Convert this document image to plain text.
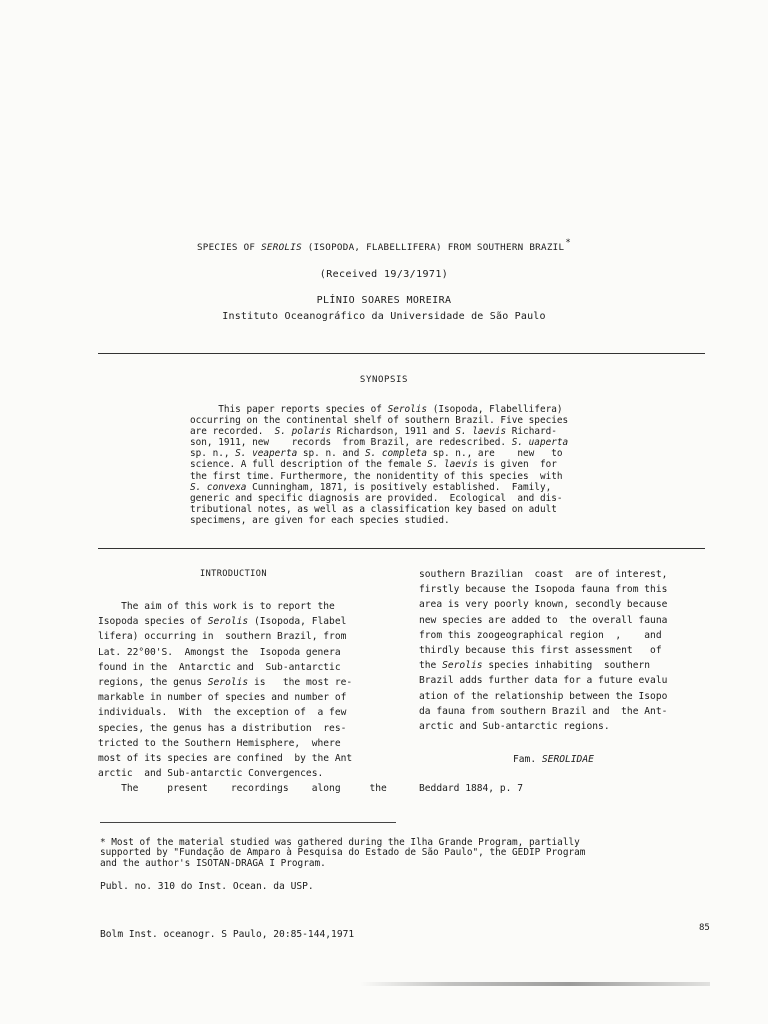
SPECIES OF SEROLIS (ISOPODA, FLABELLIFERA) FROM SOUTHERN BRAZIL*
(Received 19/3/1971)
PLÍNIO SOARES MOREIRA
Instituto Oceanográfico da Universidade de São Paulo
SYNOPSIS
This paper reports species of Serolis (Isopoda, Flabellifera)
occurring on the continental shelf of southern Brazil. Five species
are recorded.  S. polaris Richardson, 1911 and S. laevis Richard-
son, 1911, new    records  from Brazil, are redescribed. S. uaperta
sp. n., S. veaperta sp. n. and S. completa sp. n., are    new   to
science. A full description of the female S. laevis is given  for
the first time. Furthermore, the nonidentity of this species  with
S. convexa Cunningham, 1871, is positively established.  Family,
generic and specific diagnosis are provided.  Ecological  and dis-
tributional notes, as well as a classification key based on adult
specimens, are given for each species studied.
INTRODUCTION
The aim of this work is to report the
Isopoda species of Serolis (Isopoda, Flabel
lifera) occurring in  southern Brazil, from
Lat. 22°00'S.  Amongst the  Isopoda genera
found in the  Antarctic and  Sub-antarctic
regions, the genus Serolis is   the most re-
markable in number of species and number of
individuals.  With  the exception of  a few
species, the genus has a distribution  res-
tricted to the Southern Hemisphere,  where
most of its species are confined  by the Ant
arctic  and Sub-antarctic Convergences.
The     present    recordings    along     the
southern Brazilian  coast  are of interest,
firstly because the Isopoda fauna from this
area is very poorly known, secondly because
new species are added to  the overall fauna
from this zoogeographical region  ,    and
thirdly because this first assessment   of
the Serolis species inhabiting  southern
Brazil adds further data for a future evalu
ation of the relationship between the Isopo
da fauna from southern Brazil and  the Ant-
arctic and Sub-antarctic regions.
Fam. SEROLIDAE
Beddard 1884, p. 7
* Most of the material studied was gathered during the Ilha Grande Program, partially
supported by "Fundação de Amparo à Pesquisa do Estado de São Paulo", the GEDIP Program
and the author's ISOTAN-DRAGA I Program.
Publ. no. 310 do Inst. Ocean. da USP.
Bolm Inst. oceanogr. S Paulo, 20:85-144,1971
85
